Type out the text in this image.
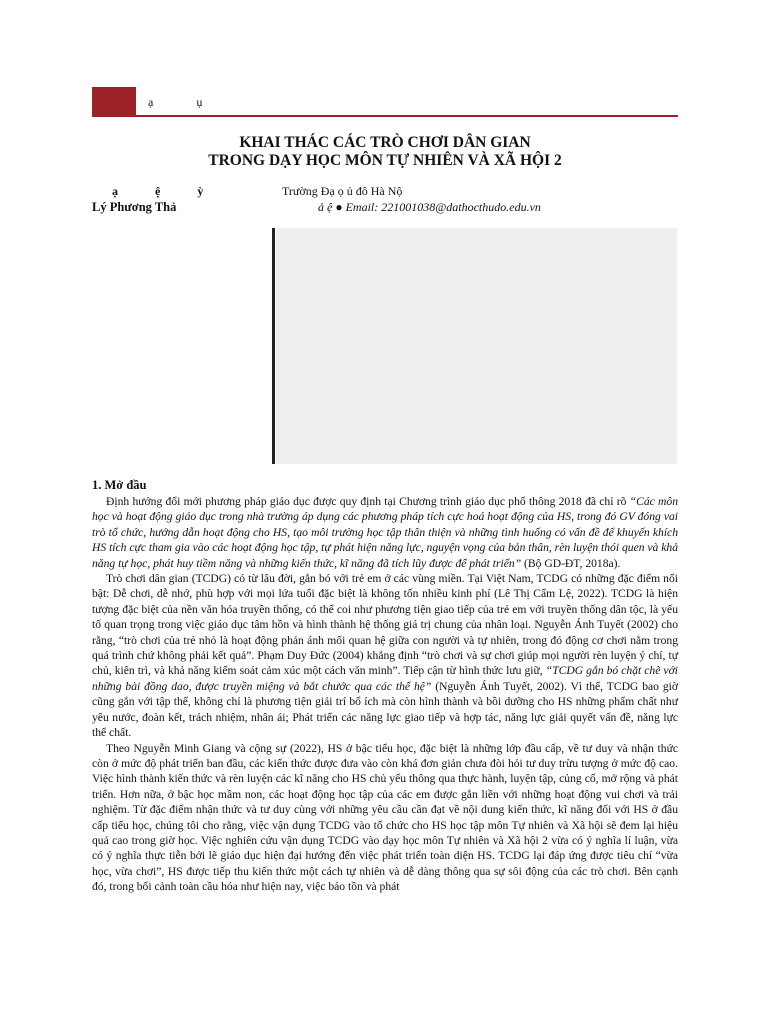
ạ	ụ
KHAI THÁC CÁC TRÒ CHƠI DÂN GIAN
TRONG DẠY HỌC MÔN TỰ NHIÊN VÀ XÃ HỘI 2
ạ	ệ	ỳ
Lý Phương Thả
Trường Đạ ọ ủ đô Hà Nộ
ả ệ ● Email: 221001038@dathocthudo.edu.vn
1. Mở đầu

Định hướng đổi mới phương pháp giáo dục được quy định tại Chương trình giáo dục phổ thông 2018 đã chỉ rõ “Các môn học và hoạt động giáo dục trong nhà trường áp dụng các phương pháp tích cực hoá hoạt động của HS, trong đó GV đóng vai trò tổ chức, hướng dẫn hoạt động cho HS, tạo môi trường học tập thân thiện và những tình huống có vấn đề để khuyến khích HS tích cực tham gia vào các hoạt động học tập, tự phát hiện năng lực, nguyện vọng của bản thân, rèn luyện thói quen và khả năng tự học, phát huy tiềm năng và những kiến thức, kĩ năng đã tích lũy được để phát triển” (Bộ GD-ĐT, 2018a).

Trò chơi dân gian (TCDG) có từ lâu đời, gắn bó với trẻ em ở các vùng miền. Tại Việt Nam, TCDG có những đặc điểm nổi bật: Dễ chơi, dễ nhớ, phù hợp với mọi lứa tuổi đặc biệt là không tốn nhiều kinh phí (Lê Thị Cẩm Lệ, 2022). TCDG là hiện tượng đặc biệt của nền văn hóa truyền thống, có thể coi như phương tiện giao tiếp của trẻ em với truyền thống dân tộc, là yếu tố quan trọng trong việc giáo dục tâm hồn và hình thành hệ thống giá trị chung của nhân loại. Nguyễn Ánh Tuyết (2002) cho rằng, “trò chơi của trẻ nhỏ là hoạt động phản ánh mối quan hệ giữa con người và tự nhiên, trong đó động cơ chơi nằm trong quá trình chứ không phải kết quả”. Phạm Duy Đức (2004) khẳng định “trò chơi và sự chơi giúp mọi người rèn luyện ý chí, tự chủ, kiên trì, và khả năng kiểm soát cảm xúc một cách văn minh”. Tiếp cận từ hình thức lưu giữ, “TCDG gắn bó chặt chẽ với những bài đồng dao, được truyền miệng và bắt chước qua các thế hệ” (Nguyễn Ánh Tuyết, 2002). Vì thế, TCDG bao giờ cũng gắn với tập thể, không chỉ là phương tiện giải trí bổ ích mà còn hình thành và bồi dưỡng cho HS những phẩm chất như yêu nước, đoàn kết, trách nhiệm, nhân ái; Phát triển các năng lực giao tiếp và hợp tác, năng lực giải quyết vấn đề, năng lực thể chất.

Theo Nguyễn Minh Giang và cộng sự (2022), HS ở bậc tiểu học, đặc biệt là những lớp đầu cấp, về tư duy và nhận thức còn ở mức độ phát triển ban đầu, các kiến thức được đưa vào còn khá đơn giản chưa đòi hỏi tư duy trừu tượng ở mức độ cao. Việc hình thành kiến thức và rèn luyện các kĩ năng cho HS chủ yếu thông qua thực hành, luyện tập, củng cố, mở rộng và phát triển. Hơn nữa, ở bậc học mầm non, các hoạt động học tập của các em được gắn liền với những hoạt động vui chơi và trải nghiệm. Từ đặc điểm nhận thức và tư duy cùng với những yêu cầu cần đạt về nội dung kiến thức, kĩ năng đối với HS ở đầu cấp tiểu học, chúng tôi cho rằng, việc vận dụng TCDG vào tổ chức cho HS học tập môn Tự nhiên và Xã hội sẽ đem lại hiệu quả cao trong giờ học. Việc nghiên cứu vận dụng TCDG vào dạy học môn Tự nhiên và Xã hội 2 vừa có ý nghĩa lí luận, vừa có ý nghĩa thực tiễn bởi lẽ giáo dục hiện đại hướng đến việc phát triển toàn diện HS. TCDG lại đáp ứng được tiêu chí “vừa học, vừa chơi”, HS được tiếp thu kiến thức một cách tự nhiên và dễ dàng thông qua sự sôi động của các trò chơi. Bên cạnh đó, trong bối cảnh toàn cầu hóa như hiện nay, việc bảo tồn và phát
